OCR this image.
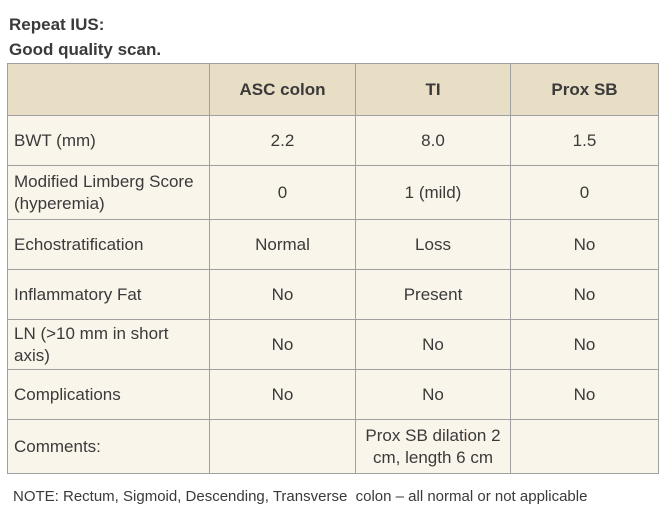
Repeat IUS:
Good quality scan.
	ASC colon	TI	Prox SB
BWT (mm)	2.2	8.0	1.5
Modified Limberg Score (hyperemia)	0	1 (mild)	0
Echostratification	Normal	Loss	No
Inflammatory Fat	No	Present	No
LN (>10 mm in short axis)	No	No	No
Complications	No	No	No
Comments:		Prox SB dilation 2 cm, length 6 cm	
NOTE: Rectum, Sigmoid, Descending, Transverse  colon – all normal or not applicable
